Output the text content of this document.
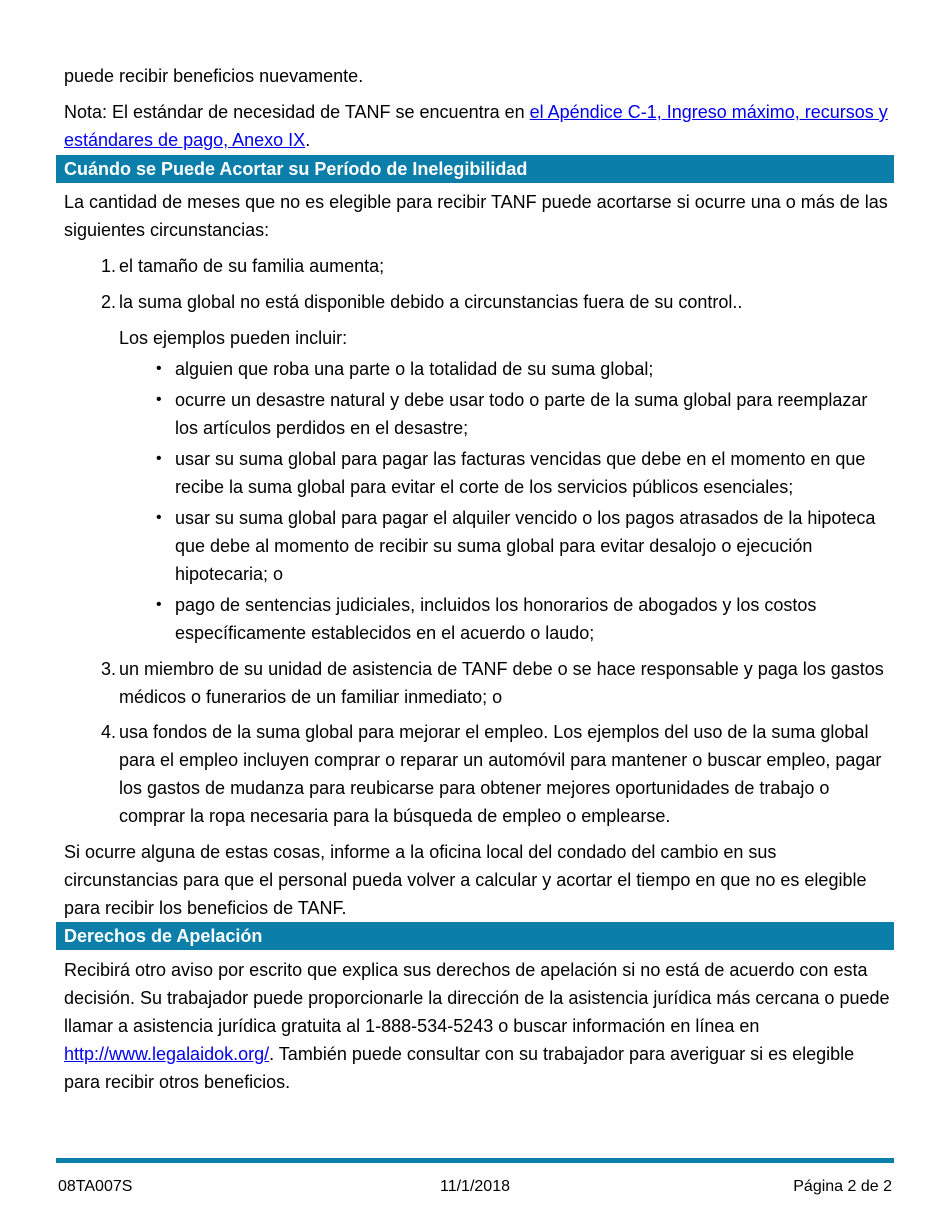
puede recibir beneficios nuevamente.

Nota: El estándar de necesidad de TANF se encuentra en el Apéndice C-1, Ingreso máximo, recursos y estándares de pago, Anexo IX.

Cuándo se Puede Acortar su Período de Inelegibilidad

La cantidad de meses que no es elegible para recibir TANF puede acortarse si ocurre una o más de las siguientes circunstancias:

1. el tamaño de su familia aumenta;
2. la suma global no está disponible debido a circunstancias fuera de su control..
Los ejemplos pueden incluir:
• alguien que roba una parte o la totalidad de su suma global;
• ocurre un desastre natural y debe usar todo o parte de la suma global para reemplazar los artículos perdidos en el desastre;
• usar su suma global para pagar las facturas vencidas que debe en el momento en que recibe la suma global para evitar el corte de los servicios públicos esenciales;
• usar su suma global para pagar el alquiler vencido o los pagos atrasados de la hipoteca que debe al momento de recibir su suma global para evitar desalojo o ejecución hipotecaria; o
• pago de sentencias judiciales, incluidos los honorarios de abogados y los costos específicamente establecidos en el acuerdo o laudo;
3. un miembro de su unidad de asistencia de TANF debe o se hace responsable y paga los gastos médicos o funerarios de un familiar inmediato; o
4. usa fondos de la suma global para mejorar el empleo. Los ejemplos del uso de la suma global para el empleo incluyen comprar o reparar un automóvil para mantener o buscar empleo, pagar los gastos de mudanza para reubicarse para obtener mejores oportunidades de trabajo o comprar la ropa necesaria para la búsqueda de empleo o emplearse.

Si ocurre alguna de estas cosas, informe a la oficina local del condado del cambio en sus circunstancias para que el personal pueda volver a calcular y acortar el tiempo en que no es elegible para recibir los beneficios de TANF.

Derechos de Apelación

Recibirá otro aviso por escrito que explica sus derechos de apelación si no está de acuerdo con esta decisión. Su trabajador puede proporcionarle la dirección de la asistencia jurídica más cercana o puede llamar a asistencia jurídica gratuita al 1-888-534-5243 o buscar información en línea en http://www.legalaidok.org/. También puede consultar con su trabajador para averiguar si es elegible para recibir otros beneficios.

08TA007S	11/1/2018	Página 2 de 2
